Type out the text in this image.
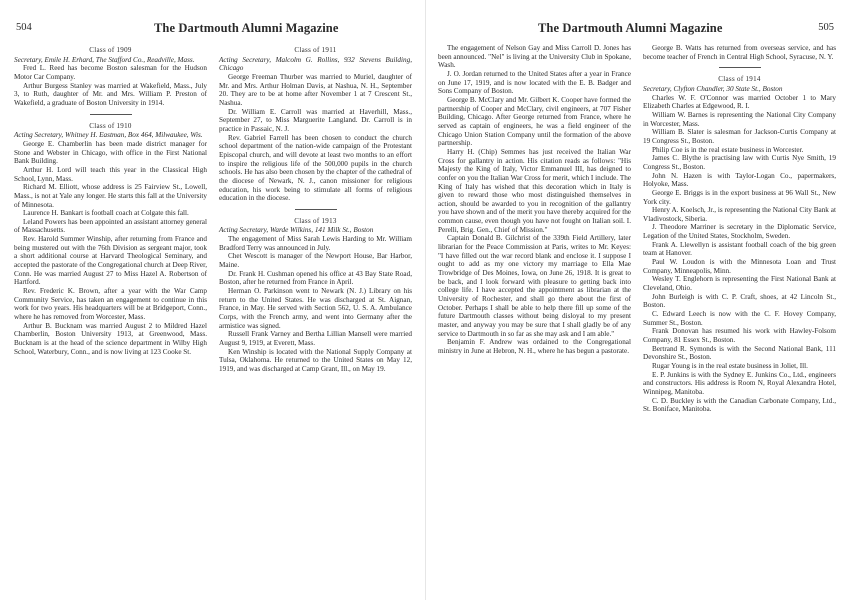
504	The Dartmouth Alumni Magazine
Class of 1909

Secretary, Emile H. Erhard, The Stafford Co., Readville, Mass.

Fred L. Reed has become Boston salesman for the Hudson Motor Car Company.

Arthur Burgess Stanley was married at Wakefield, Mass., July 3, to Ruth, daughter of Mr. and Mrs. William P. Preston of Wakefield, a graduate of Boston University in 1914.

Class of 1910

Acting Secretary, Whitney H. Eastman, Box 464, Milwaukee, Wis.

George E. Chamberlin has been made district manager for Stone and Webster in Chicago, with office in the First National Bank Building.

Arthur H. Lord will teach this year in the Classical High School, Lynn, Mass.

Richard M. Elliott, whose address is 25 Fairview St., Lowell, Mass., is not at Yale any longer. He starts this fall at the University of Minnesota.

Laurence H. Bankart is football coach at Colgate this fall.

Leland Powers has been appointed an assistant attorney general of Massachusetts.

Rev. Harold Summer Winship, after returning from France and being mustered out with the 76th Division as sergeant major, took a short additional course at Harvard Theological Seminary, and accepted the pastorate of the Congregational church at Deep River, Conn. He was married August 27 to Miss Hazel A. Robertson of Hartford.

Rev. Frederic K. Brown, after a year with the War Camp Community Service, has taken an engagement to continue in this work for two years. His headquarters will be at Bridgeport, Conn., where he has removed from Worcester, Mass.

Arthur B. Bucknam was married August 2 to Mildred Hazel Chamberlin, Boston University 1913, at Greenwood, Mass. Bucknam is at the head of the science department in Wilby High School, Waterbury, Conn., and is now living at 123 Cooke St.

Class of 1911

Acting Secretary, Malcolm G. Rollins, 932 Stevens Building, Chicago

George Freeman Thurber was married to Muriel, daughter of Mr. and Mrs. Arthur Holman Davis, at Nashua, N. H., September 20. They are to be at home after November 1 at 7 Crescent St., Nashua.

Dr. William E. Carroll was married at Haverhill, Mass., September 27, to Miss Marguerite Langland. Dr. Carroll is in practice in Passaic, N. J.

Rev. Gabriel Farrell has been chosen to conduct the church school department of the nation-wide campaign of the Protestant Episcopal church, and will devote at least two months to an effort to inspire the religious life of the 500,000 pupils in the church schools. He has also been chosen by the chapter of the cathedral of the diocese of Newark, N. J., canon missioner for religious education, his work being to stimulate all forms of religious education in the diocese.

Class of 1913

Acting Secretary, Warde Wilkins, 141 Milk St., Boston

The engagement of Miss Sarah Lewis Harding to Mr. William Bradford Terry was announced in July.

Chet Wescott is manager of the Newport House, Bar Harbor, Maine.

Dr. Frank H. Cushman opened his office at 43 Bay State Road, Boston, after he returned from France in April.

Herman O. Parkinson went to Newark (N. J.) Library on his return to the United States. He was discharged at St. Aignan, France, in May. He served with Section 562, U. S. A. Ambulance Corps, with the French army, and went into Germany after the armistice was signed.

Russell Frank Varney and Bertha Lillian Mansell were married August 9, 1919, at Everett, Mass.

Ken Winship is located with the National Supply Company at Tulsa, Oklahoma. He returned to the United States on May 12, 1919, and was discharged at Camp Grant, Ill., on May 19.

The Dartmouth Alumni Magazine	505

The engagement of Nelson Gay and Miss Carroll D. Jones has been announced. "Nel" is living at the University Club in Spokane, Wash.

J. O. Jordan returned to the United States after a year in France on June 17, 1919, and is now located with the E. B. Badger and Sons Company of Boston.

George B. McClary and Mr. Gilbert K. Cooper have formed the partnership of Cooper and McClary, civil engineers, at 707 Fisher Building, Chicago. After George returned from France, where he served as captain of engineers, he was a field engineer of the Chicago Union Station Company until the formation of the above partnership.

Harry H. (Chip) Semmes has just received the Italian War Cross for gallantry in action. His citation reads as follows: "His Majesty the King of Italy, Victor Emmanuel III, has deigned to confer on you the Italian War Cross for merit, which I include. The King of Italy has wished that this decoration which in Italy is given to reward those who most distinguished themselves in action, should be awarded to you in recognition of the gallantry you have shown and of the merit you have thereby acquired for the common cause, even though you have not fought on Italian soil. I. Perelli, Brig. Gen., Chief of Mission."

Captain Donald B. Gilchrist of the 339th Field Artillery, later librarian for the Peace Commission at Paris, writes to Mr. Keyes: "I have filled out the war record blank and enclose it. I suppose I ought to add as my one victory my marriage to Ella Mae Trowbridge of Des Moines, Iowa, on June 26, 1918. It is great to be back, and I look forward with pleasure to getting back into college life. I have accepted the appointment as librarian at the University of Rochester, and shall go there about the first of October. Perhaps I shall be able to help there fill up some of the future Dartmouth classes without being disloyal to my present master, and anyway you may be sure that I shall gladly be of any service to Dartmouth in so far as she may ask and I am able."

Benjamin F. Andrew was ordained to the Congregational ministry in June at Hebron, N. H., where he has begun a pastorate.

George B. Watts has returned from overseas service, and has become teacher of French in Central High School, Syracuse, N. Y.

Class of 1914

Secretary, Clyfton Chandler, 30 State St., Boston

Charles W. F. O'Connor was married October 1 to Mary Elizabeth Charles at Edgewood, R. I.

William W. Barnes is representing the National City Company in Worcester, Mass.

William B. Slater is salesman for Jackson-Curtis Company at 19 Congress St., Boston.

Philip Coe is in the real estate business in Worcester.

James C. Blythe is practising law with Curtis Nye Smith, 19 Congress St., Boston.

John N. Hazen is with Taylor-Logan Co., papermakers, Holyoke, Mass.

George E. Briggs is in the export business at 96 Wall St., New York city.

Henry A. Koelsch, Jr., is representing the National City Bank at Vladivostock, Siberia.

J. Theodore Marriner is secretary in the Diplomatic Service, Legation of the United States, Stockholm, Sweden.

Frank A. Llewellyn is assistant football coach of the big green team at Hanover.

Paul W. Loudon is with the Minnesota Loan and Trust Company, Minneapolis, Minn.

Wesley T. Englehorn is representing the First National Bank at Cleveland, Ohio.

John Burleigh is with C. P. Craft, shoes, at 42 Lincoln St., Boston.

C. Edward Leech is now with the C. F. Hovey Company, Summer St., Boston.

Frank Donovan has resumed his work with Hawley-Folsom Company, 81 Essex St., Boston.

Bertrand R. Symonds is with the Second National Bank, 111 Devonshire St., Boston.

Rugar Young is in the real estate business in Joliet, Ill.

E. P. Junkins is with the Sydney E. Junkins Co., Ltd., engineers and constructors. His address is Room N, Royal Alexandra Hotel, Winnipeg, Manitoba.

C. D. Buckley is with the Canadian Carbonate Company, Ltd., St. Boniface, Manitoba.
